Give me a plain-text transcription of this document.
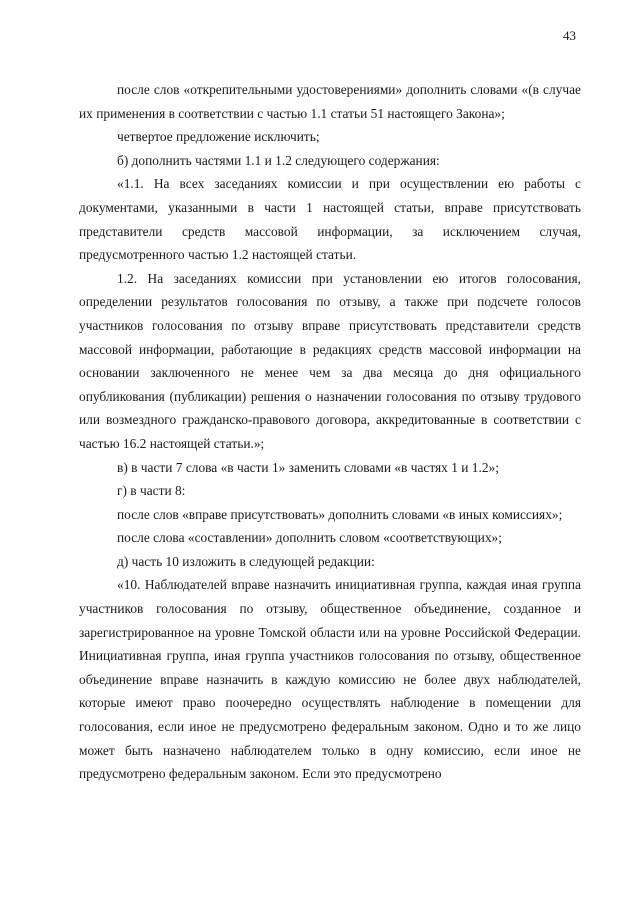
43

после слов «открепительными удостоверениями» дополнить словами «(в случае их применения в соответствии с частью 1.1 статьи 51 настоящего Закона»;

четвертое предложение исключить;

б) дополнить частями 1.1 и 1.2 следующего содержания:

«1.1. На всех заседаниях комиссии и при осуществлении ею работы с документами, указанными в части 1 настоящей статьи, вправе присутствовать представители средств массовой информации, за исключением случая, предусмотренного частью 1.2 настоящей статьи.

1.2. На заседаниях комиссии при установлении ею итогов голосования, определении результатов голосования по отзыву, а также при подсчете голосов участников голосования по отзыву вправе присутствовать представители средств массовой информации, работающие в редакциях средств массовой информации на основании заключенного не менее чем за два месяца до дня официального опубликования (публикации) решения о назначении голосования по отзыву трудового или возмездного гражданско-правового договора, аккредитованные в соответствии с частью 16.2 настоящей статьи.»;

в) в части 7 слова «в части 1» заменить словами «в частях 1 и 1.2»;

г) в части 8:

после слов «вправе присутствовать» дополнить словами «в иных комиссиях»;

после слова «составлении» дополнить словом «соответствующих»;

д) часть 10 изложить в следующей редакции:

«10. Наблюдателей вправе назначить инициативная группа, каждая иная группа участников голосования по отзыву, общественное объединение, созданное и зарегистрированное на уровне Томской области или на уровне Российской Федерации. Инициативная группа, иная группа участников голосования по отзыву, общественное объединение вправе назначить в каждую комиссию не более двух наблюдателей, которые имеют право поочередно осуществлять наблюдение в помещении для голосования, если иное не предусмотрено федеральным законом. Одно и то же лицо может быть назначено наблюдателем только в одну комиссию, если иное не предусмотрено федеральным законом. Если это предусмотрено
